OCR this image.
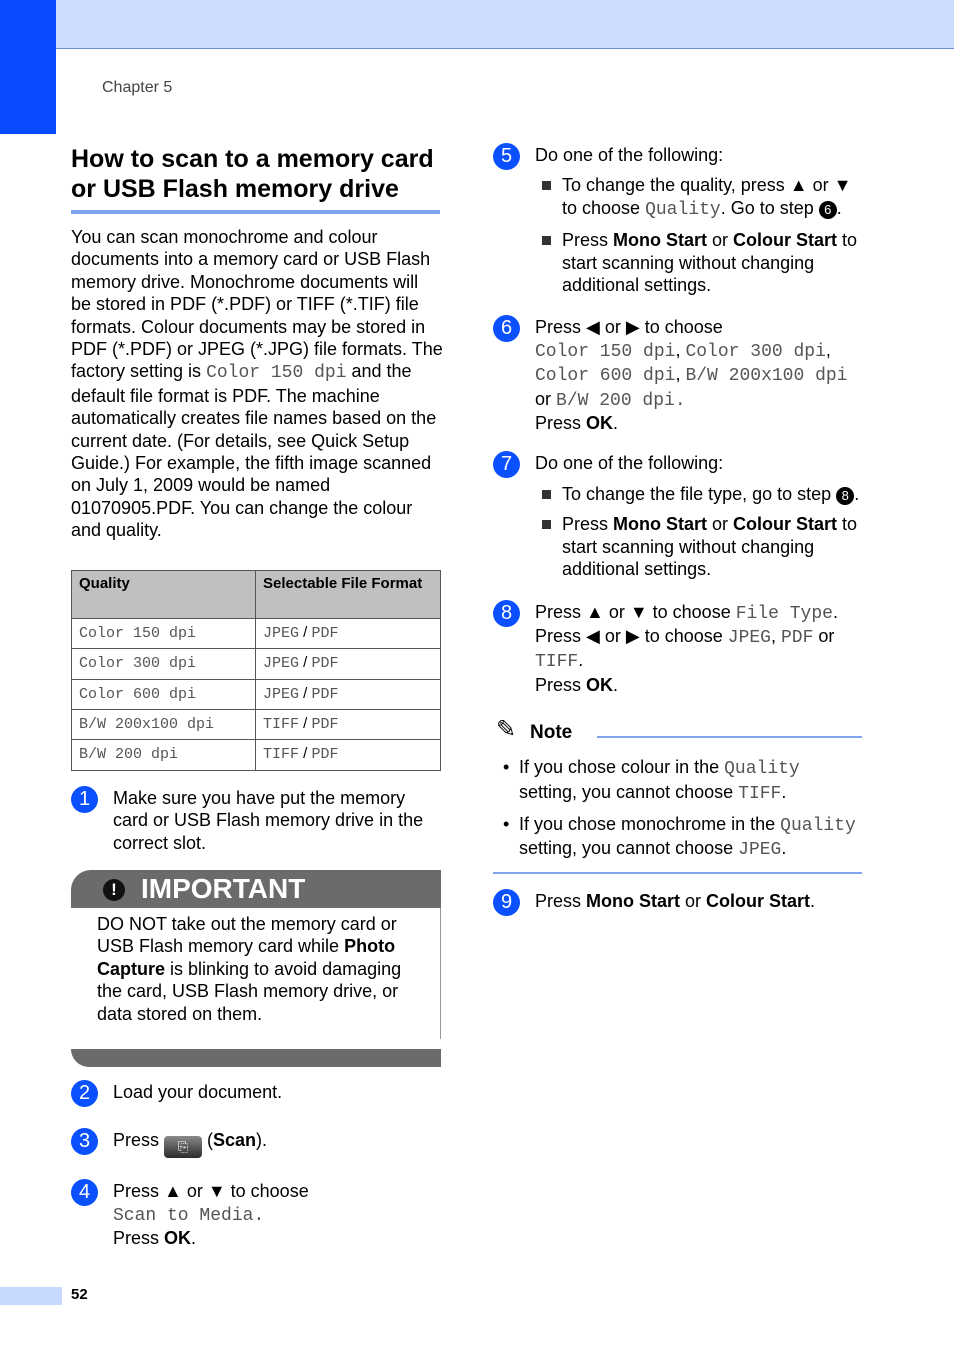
Chapter 5
How to scan to a memory card or USB Flash memory drive

You can scan monochrome and colour documents into a memory card or USB Flash memory drive. Monochrome documents will be stored in PDF (*.PDF) or TIFF (*.TIF) file formats. Colour documents may be stored in PDF (*.PDF) or JPEG (*.JPG) file formats. The factory setting is Color 150 dpi and the default file format is PDF. The machine automatically creates file names based on the current date. (For details, see Quick Setup Guide.) For example, the fifth image scanned on July 1, 2009 would be named 01070905.PDF. You can change the colour and quality.

Quality	Selectable File Format
Color 150 dpi	JPEG / PDF
Color 300 dpi	JPEG / PDF
Color 600 dpi	JPEG / PDF
B/W 200x100 dpi	TIFF / PDF
B/W 200 dpi	TIFF / PDF
1	Make sure you have put the memory card or USB Flash memory drive in the correct slot.
! IMPORTANT
DO NOT take out the memory card or USB Flash memory card while Photo Capture is blinking to avoid damaging the card, USB Flash memory drive, or data stored on them.
2	Load your document.
3	Press ⎘ (Scan).
4	Press ▲ or ▼ to choose
Scan to Media.
Press OK.
5	Do one of the following:
To change the quality, press ▲ or ▼ to choose Quality. Go to step 6 .
Press Mono Start or Colour Start to start scanning without changing additional settings.
6	Press ◀ or ▶ to choose
Color 150 dpi, Color 300 dpi,
Color 600 dpi, B/W 200x100 dpi
or B/W 200 dpi.
Press OK.
7	Do one of the following:
To change the file type, go to step 8 .
Press Mono Start or Colour Start to start scanning without changing additional settings.
8	Press ▲ or ▼ to choose File Type.
Press ◀ or ▶ to choose JPEG, PDF or
TIFF.
Press OK.
✎ Note
• If you chose colour in the Quality setting, you cannot choose TIFF.
• If you chose monochrome in the Quality setting, you cannot choose JPEG.
9	Press Mono Start or Colour Start.
52
